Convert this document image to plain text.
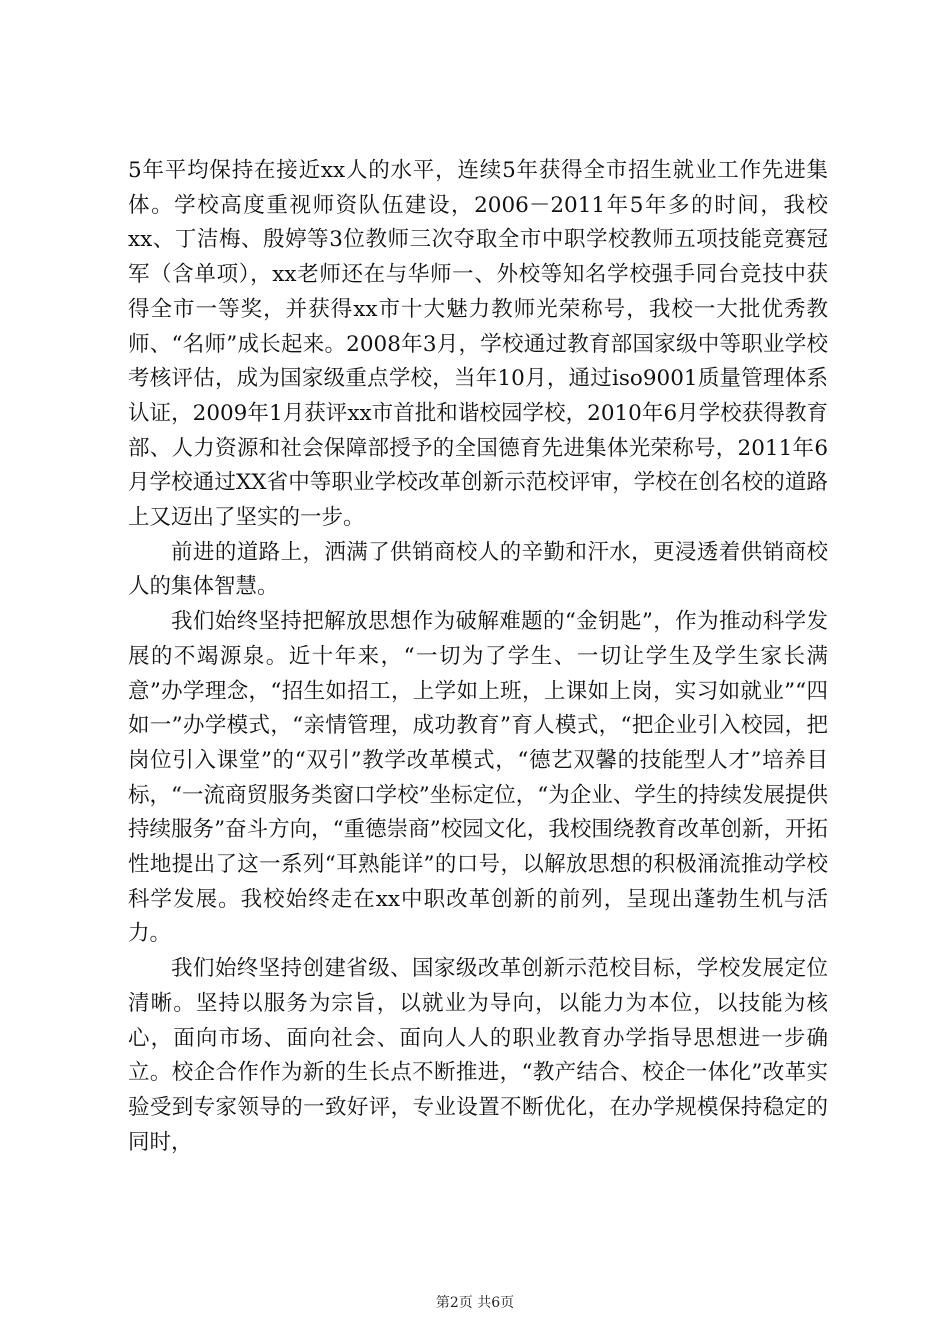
5年平均保持在接近xx人的水平，连续5年获得全市招生就业工作先进集体。学校高度重视师资队伍建设，2006－2011年5年多的时间，我校xx、丁洁梅、殷婷等3位教师三次夺取全市中职学校教师五项技能竞赛冠军（含单项），xx老师还在与华师一、外校等知名学校强手同台竞技中获得全市一等奖，并获得xx市十大魅力教师光荣称号，我校一大批优秀教师、“名师”成长起来。2008年3月，学校通过教育部国家级中等职业学校考核评估，成为国家级重点学校，当年10月，通过iso9001质量管理体系认证，2009年1月获评xx市首批和谐校园学校，2010年6月学校获得教育部、人力资源和社会保障部授予的全国德育先进集体光荣称号，2011年6月学校通过XX省中等职业学校改革创新示范校评审，学校在创名校的道路上又迈出了坚实的一步。

前进的道路上，洒满了供销商校人的辛勤和汗水，更浸透着供销商校人的集体智慧。

我们始终坚持把解放思想作为破解难题的“金钥匙”，作为推动科学发展的不竭源泉。近十年来，“一切为了学生、一切让学生及学生家长满意”办学理念，“招生如招工，上学如上班，上课如上岗，实习如就业”“四如一”办学模式，“亲情管理，成功教育”育人模式，“把企业引入校园，把岗位引入课堂”的“双引”教学改革模式，“德艺双馨的技能型人才”培养目标，“一流商贸服务类窗口学校”坐标定位，“为企业、学生的持续发展提供持续服务”奋斗方向，“重德崇商”校园文化，我校围绕教育改革创新，开拓性地提出了这一系列“耳熟能详”的口号，以解放思想的积极涌流推动学校科学发展。我校始终走在xx中职改革创新的前列，呈现出蓬勃生机与活力。

我们始终坚持创建省级、国家级改革创新示范校目标，学校发展定位清晰。坚持以服务为宗旨，以就业为导向，以能力为本位，以技能为核心，面向市场、面向社会、面向人人的职业教育办学指导思想进一步确立。校企合作作为新的生长点不断推进，“教产结合、校企一体化”改革实验受到专家领导的一致好评，专业设置不断优化，在办学规模保持稳定的同时，

第2页 共6页
